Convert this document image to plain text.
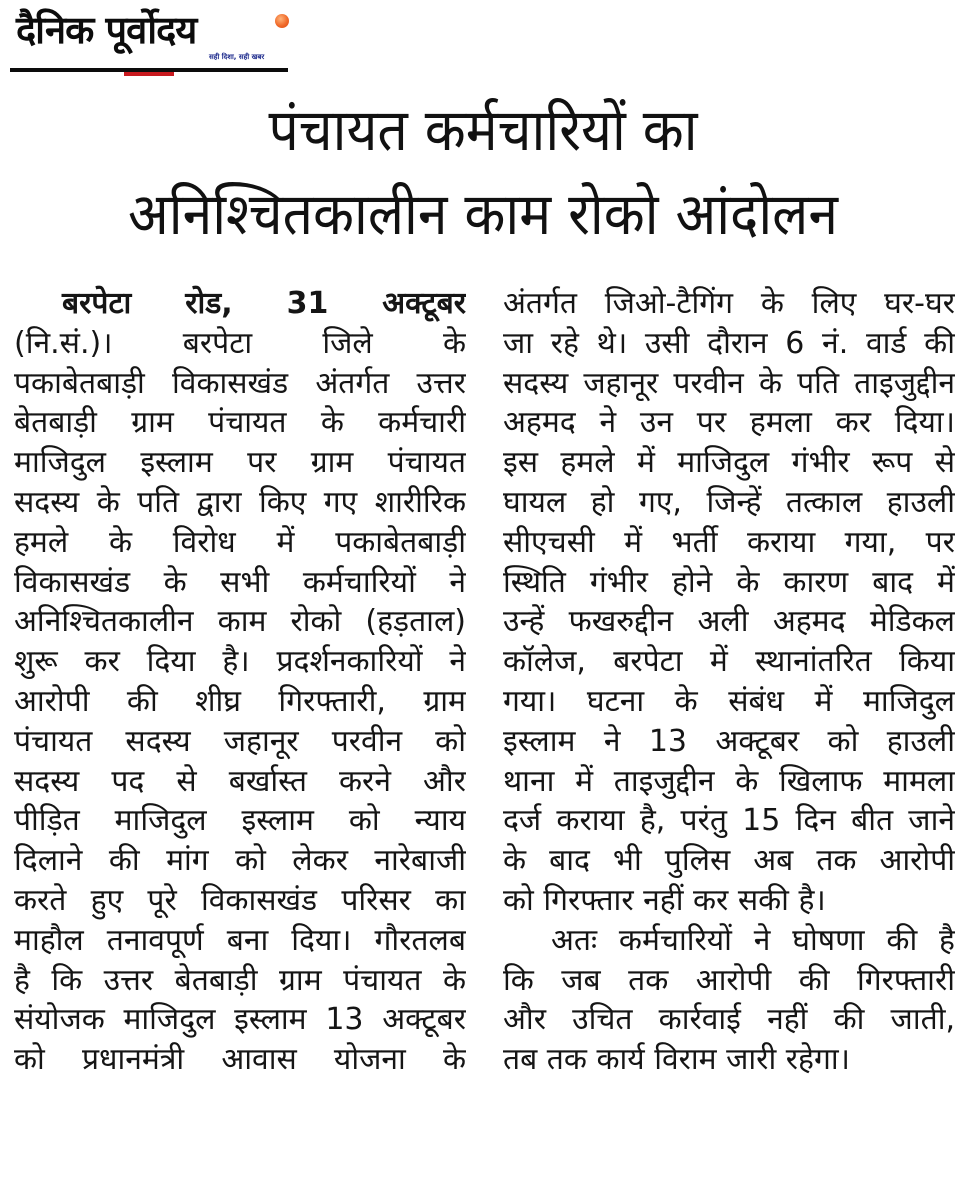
दैनिक पूर्वोदय
सही दिशा, सही खबर
पंचायत कर्मचारियों का
अनिश्चितकालीन काम रोको आंदोलन
बरपेटा रोड, 31 अक्टूबर
(नि.सं.)। बरपेटा जिले के
पकाबेतबाड़ी विकासखंड अंतर्गत उत्तर
बेतबाड़ी ग्राम पंचायत के कर्मचारी
माजिदुल इस्लाम पर ग्राम पंचायत
सदस्य के पति द्वारा किए गए शारीरिक
हमले के विरोध में पकाबेतबाड़ी
विकासखंड के सभी कर्मचारियों ने
अनिश्चितकालीन काम रोको (हड़ताल)
शुरू कर दिया है। प्रदर्शनकारियों ने
आरोपी की शीघ्र गिरफ्तारी, ग्राम
पंचायत सदस्य जहानूर परवीन को
सदस्य पद से बर्खास्त करने और
पीड़ित माजिदुल इस्लाम को न्याय
दिलाने की मांग को लेकर नारेबाजी
करते हुए पूरे विकासखंड परिसर का
माहौल तनावपूर्ण बना दिया। गौरतलब
है कि उत्तर बेतबाड़ी ग्राम पंचायत के
संयोजक माजिदुल इस्लाम 13 अक्टूबर
को प्रधानमंत्री आवास योजना के
अंतर्गत जिओ-टैगिंग के लिए घर-घर
जा रहे थे। उसी दौरान 6 नं. वार्ड की
सदस्य जहानूर परवीन के पति ताइजुद्दीन
अहमद ने उन पर हमला कर दिया।
इस हमले में माजिदुल गंभीर रूप से
घायल हो गए, जिन्हें तत्काल हाउली
सीएचसी में भर्ती कराया गया, पर
स्थिति गंभीर होने के कारण बाद में
उन्हें फखरुद्दीन अली अहमद मेडिकल
कॉलेज, बरपेटा में स्थानांतरित किया
गया। घटना के संबंध में माजिदुल
इस्लाम ने 13 अक्टूबर को हाउली
थाना में ताइजुद्दीन के खिलाफ मामला
दर्ज कराया है, परंतु 15 दिन बीत जाने
के बाद भी पुलिस अब तक आरोपी
को गिरफ्तार नहीं कर सकी है।
अतः कर्मचारियों ने घोषणा की है
कि जब तक आरोपी की गिरफ्तारी
और उचित कार्रवाई नहीं की जाती,
तब तक कार्य विराम जारी रहेगा।
